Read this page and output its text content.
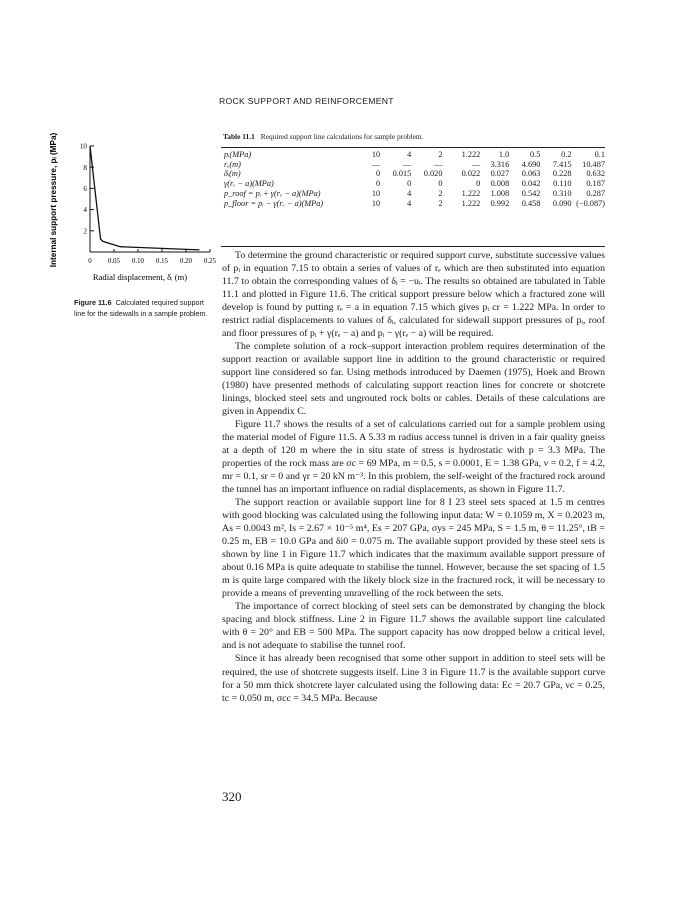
ROCK SUPPORT AND REINFORCEMENT
Table 11.1 Required support line calculations for sample problem.
pᵢ(MPa)	10	4	2	1.222	1.0	0.5	0.2	0.1
rₑ(m)	—	—	—	—	3.316	4.690	7.415	10.487
δᵢ(m)	0	0.015	0.020	0.022	0.027	0.063	0.228	0.632
γ(rₑ − a)(MPa)	0	0	0	0	0.008	0.042	0.110	0.187
p_roof = pᵢ + γ(rₑ − a)(MPa)	10	4	2	1.222	1.008	0.542	0.310	0.287
p_floor = pᵢ − γ(rₑ − a)(MPa)	10	4	2	1.222	0.992	0.458	0.090	(−0.087)
2
4
6
8
10
0 0.05 0.10 0.15 0.20 0.25
Internal support pressure, pᵢ (MPa)
Radial displacement, δᵢ (m)
Figure 11.6 Calculated required support line for the sidewalls in a sample problem.

To determine the ground characteristic or required support curve, substitute successive values of pᵢ in equation 7.15 to obtain a series of values of rₑ which are then substituted into equation 11.7 to obtain the corresponding values of δᵢ = −uᵢ. The results so obtained are tabulated in Table 11.1 and plotted in Figure 11.6. The critical support pressure below which a fractured zone will develop is found by putting rₑ = a in equation 7.15 which gives pᵢ cr = 1.222 MPa. In order to restrict radial displacements to values of δᵢ, calculated for sidewall support pressures of pᵢ, roof and floor pressures of pᵢ + γ(rₑ − a) and pᵢ − γ(rₑ − a) will be required.

The complete solution of a rock–support interaction problem requires determination of the support reaction or available support line in addition to the ground characteristic or required support line considered so far. Using methods introduced by Daemen (1975), Hoek and Brown (1980) have presented methods of calculating support reaction lines for concrete or shotcrete linings, blocked steel sets and ungrouted rock bolts or cables. Details of these calculations are given in Appendix C.

Figure 11.7 shows the results of a set of calculations carried out for a sample problem using the material model of Figure 11.5. A 5.33 m radius access tunnel is driven in a fair quality gneiss at a depth of 120 m where the in situ state of stress is hydrostatic with p = 3.3 MPa. The properties of the rock mass are σc = 69 MPa, m = 0.5, s = 0.0001, E = 1.38 GPa, ν = 0.2, f = 4.2, mr = 0.1, sr = 0 and γr = 20 kN m⁻³. In this problem, the self-weight of the fractured rock around the tunnel has an important influence on radial displacements, as shown in Figure 11.7.

The support reaction or available support line for 8 I 23 steel sets spaced at 1.5 m centres with good blocking was calculated using the following input data: W = 0.1059 m, X = 0.2023 m, As = 0.0043 m², Is = 2.67 × 10⁻⁵ m⁴, Es = 207 GPa, σys = 245 MPa, S = 1.5 m, θ = 11.25°, tB = 0.25 m, EB = 10.0 GPa and δi0 = 0.075 m. The available support provided by these steel sets is shown by line 1 in Figure 11.7 which indicates that the maximum available support pressure of about 0.16 MPa is quite adequate to stabilise the tunnel. However, because the set spacing of 1.5 m is quite large compared with the likely block size in the fractured rock, it will be necessary to provide a means of preventing unravelling of the rock between the sets.

The importance of correct blocking of steel sets can be demonstrated by changing the block spacing and block stiffness. Line 2 in Figure 11.7 shows the available support line calculated with θ = 20° and EB = 500 MPa. The support capacity has now dropped below a critical level, and is not adequate to stabilise the tunnel roof.

Since it has already been recognised that some other support in addition to steel sets will be required, the use of shotcrete suggests itself. Line 3 in Figure 11.7 is the available support curve for a 50 mm thick shotcrete layer calculated using the following data: Ec = 20.7 GPa, νc = 0.25, tc = 0.050 m, σcc = 34.5 MPa. Because

320
